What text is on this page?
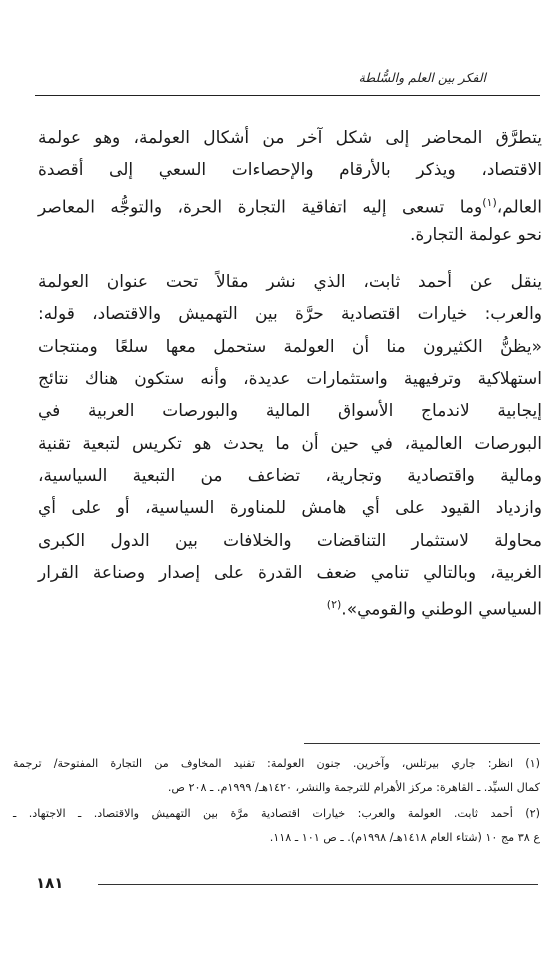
الفكر بين العلم والسُّلطة
يتطرَّق المحاضر إلى شكل آخر من أشكال العولمة، وهو عولمة
الاقتصاد، ويذكر بالأرقام والإحصاءات السعي إلى أقصدة
العالم،$^{(١)}$وما تسعى إليه اتفاقية التجارة الحرة، والتوجُّه المعاصر
نحو عولمة التجارة.
ينقل عن أحمد ثابت، الذي نشر مقالاً تحت عنوان العولمة
والعرب: خيارات اقتصادية حرَّة بين التهميش والاقتصاد، قوله:
«يظنُّ الكثيرون منا أن العولمة ستحمل معها سلعًا ومنتجات
استهلاكية وترفيهية واستثمارات عديدة، وأنه ستكون هناك نتائج
إيجابية لاندماج الأسواق المالية والبورصات العربية في
البورصات العالمية، في حين أن ما يحدث هو تكريس لتبعية تقنية
ومالية واقتصادية وتجارية، تضاعف من التبعية السياسية،
وازدياد القيود على أي هامش للمناورة السياسية، أو على أي
محاولة لاستثمار التناقضات والخلافات بين الدول الكبرى
الغربية، وبالتالي تنامي ضعف القدرة على إصدار وصناعة القرار
السياسي الوطني والقومي».$^{(٢)}$
(١) انظر: جاري بيرتلس، وآخرين. جنون العولمة: تفنيد المخاوف من التجارة المفتوحة/ ترجمة
كمال السيِّد. ـ القاهرة: مركز الأهرام للترجمة والنشر، ١٤٢٠هـ/ ١٩٩٩م. ـ ٢٠٨ ص.
(٢) أحمد ثابت. العولمة والعرب: خيارات اقتصادية مرَّة بين التهميش والاقتصاد. ـ الاجتهاد. ـ
ع ٣٨ مج ١٠ (شتاء العام ١٤١٨هـ/ ١٩٩٨م). ـ ص ١٠١ ـ ١١٨.
١٨١
